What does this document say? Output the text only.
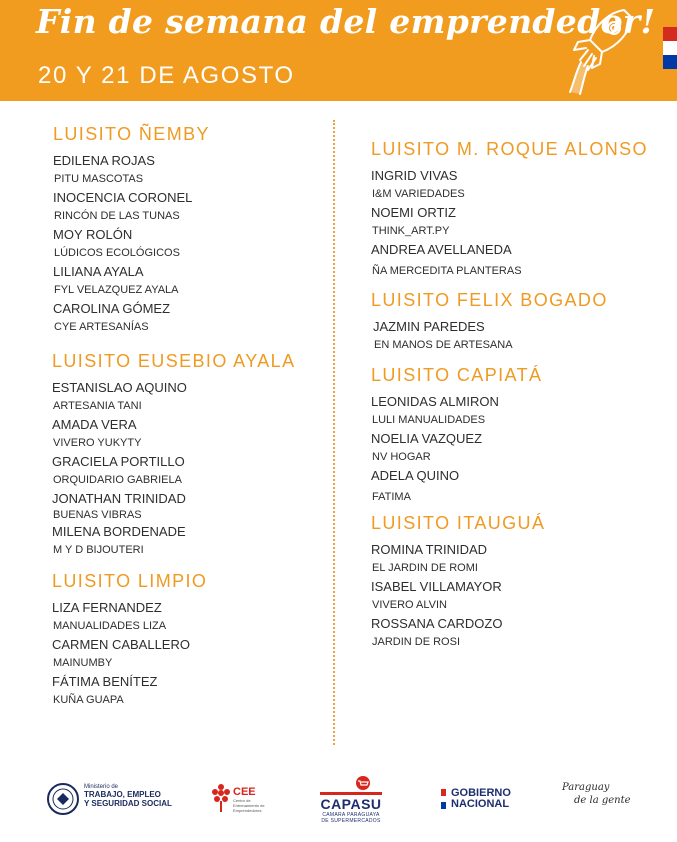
Fin de semana del emprendedor!
20 Y 21 DE AGOSTO
LUISITO ÑEMBY
EDILENA ROJAS
PITU MASCOTAS
INOCENCIA CORONEL
RINCÓN DE LAS TUNAS
MOY ROLÓN
LÚDICOS ECOLÓGICOS
LILIANA AYALA
FYL VELAZQUEZ AYALA
CAROLINA GÓMEZ
CYE ARTESANÍAS
LUISITO EUSEBIO AYALA
ESTANISLAO AQUINO
ARTESANIA TANI
AMADA VERA
VIVERO YUKYTY
GRACIELA PORTILLO
ORQUIDARIO GABRIELA
JONATHAN TRINIDAD
BUENAS VIBRAS
MILENA BORDENADE
M Y D BIJOUTERI
LUISITO LIMPIO
LIZA FERNANDEZ
MANUALIDADES LIZA
CARMEN CABALLERO
MAINUMBY
FÁTIMA BENÍTEZ
KUÑA GUAPA
LUISITO M. ROQUE ALONSO
INGRID VIVAS
I&M VARIEDADES
NOEMI ORTIZ
THINK_ART.PY
ANDREA AVELLANEDA
ÑA MERCEDITA PLANTERAS
LUISITO FELIX BOGADO
JAZMIN PAREDES
EN MANOS DE ARTESANA
LUISITO CAPIATÁ
LEONIDAS ALMIRON
LULI MANUALIDADES
NOELIA VAZQUEZ
NV HOGAR
ADELA QUINO
FATIMA
LUISITO ITAUGUÁ
ROMINA TRINIDAD
EL JARDIN DE ROMI
ISABEL VILLAMAYOR
VIVERO ALVIN
ROSSANA CARDOZO
JARDIN DE ROSI
Ministerio de
TRABAJO, EMPLEO
Y SEGURIDAD SOCIAL
CEE
Centro de
Entrenamiento de
Emprendedores	CAPASU
CAMARA PARAGUAYA
DE SUPERMERCADOS
GOBIERNO
NACIONAL
Paraguay
de la gente
